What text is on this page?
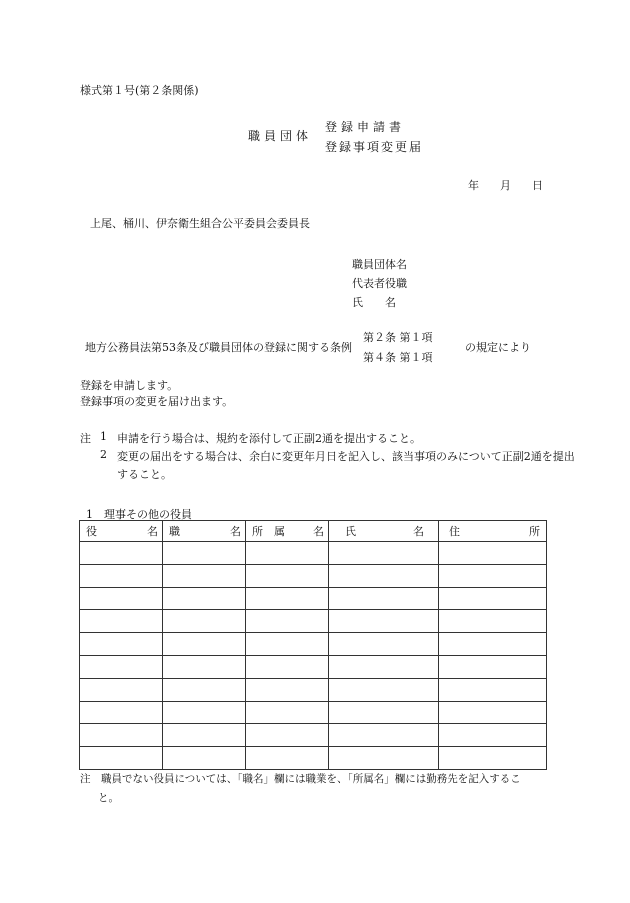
様式第１号(第２条関係)
職員団体
登録申請書
登録事項変更届
年 月 日
上尾、桶川、伊奈衛生組合公平委員会委員長
職員団体名
代表者役職
氏　　名
地方公務員法第53条及び職員団体の登録に関する条例
第２条 第１項
第４条 第１項
の規定により
登録を申請します。
登録事項の変更を届け出ます。
注 1 申請を行う場合は、規約を添付して正副2通を提出すること。
2 変更の届出をする場合は、余白に変更年月日を記入し、該当事項のみについて正副2通を提出
すること。
1　理事その他の役員
役 名	職 名	所　属 名	氏 名	住 所

注　職員でない役員については、「職名」欄には職業を、「所属名」欄には勤務先を記入するこ
と。
